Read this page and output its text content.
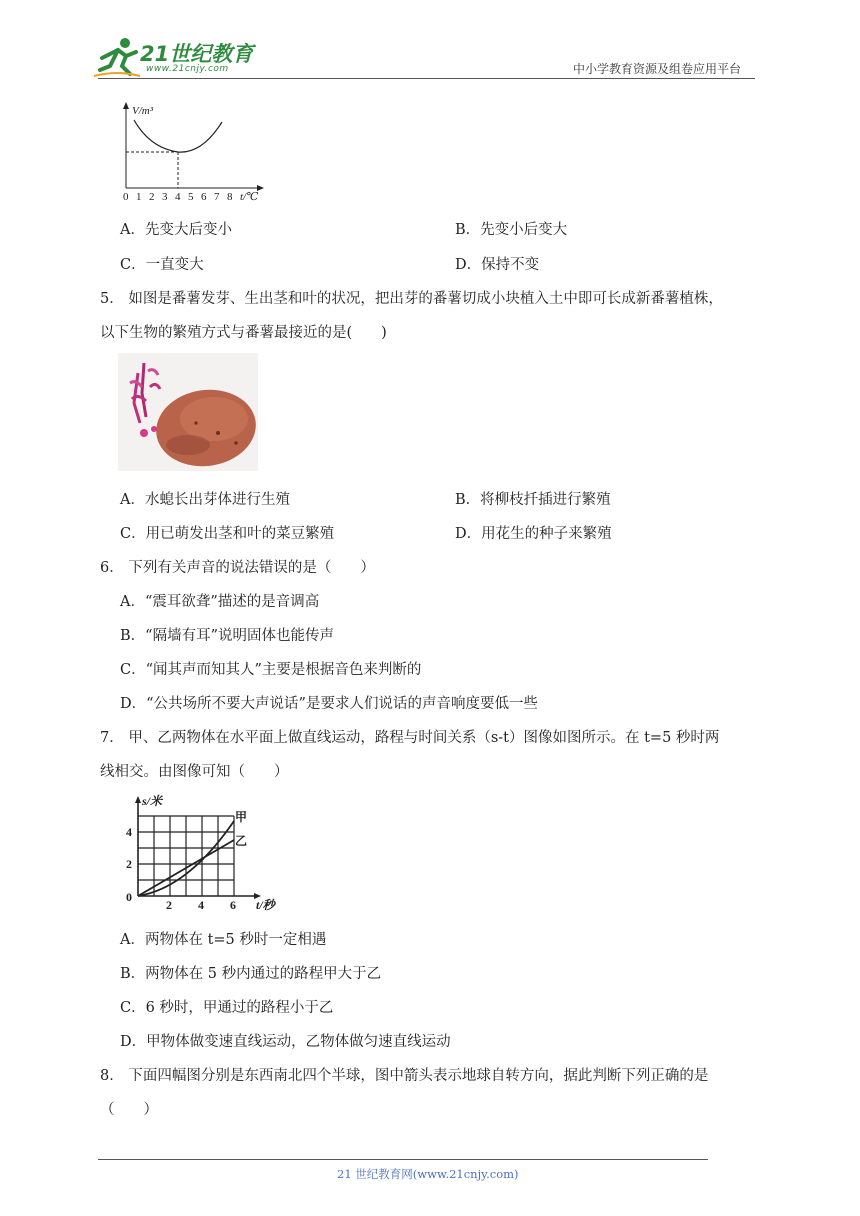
21世纪教育
www.21cnjy.com	中小学教育资源及组卷应用平台
V/m³
0 1 2 3 4 5 6 7 8 t/℃
A．先变大后变小	B．先变小后变大
C．一直变大	D．保持不变
5． 如图是番薯发芽、生出茎和叶的状况，把出芽的番薯切成小块植入土中即可长成新番薯植株，
以下生物的繁殖方式与番薯最接近的是(　　)
A．水螅长出芽体进行生殖	B．将柳枝扦插进行繁殖
C．用已萌发出茎和叶的菜豆繁殖	D．用花生的种子来繁殖
6． 下列有关声音的说法错误的是（　　）
A．“震耳欲聋”描述的是音调高
B．“隔墙有耳”说明固体也能传声
C．“闻其声而知其人”主要是根据音色来判断的
D．“公共场所不要大声说话”是要求人们说话的声音响度要低一些
7． 甲、乙两物体在水平面上做直线运动，路程与时间关系（s-t）图像如图所示。在 t=5 秒时两
线相交。由图像可知（　　）
s/米
4
2
0
2 4 6 t/秒
甲
乙
A．两物体在 t=5 秒时一定相遇
B．两物体在 5 秒内通过的路程甲大于乙
C．6 秒时，甲通过的路程小于乙
D．甲物体做变速直线运动，乙物体做匀速直线运动
8． 下面四幅图分别是东西南北四个半球，图中箭头表示地球自转方向，据此判断下列正确的是
（　　）
21 世纪教育网(www.21cnjy.com)
